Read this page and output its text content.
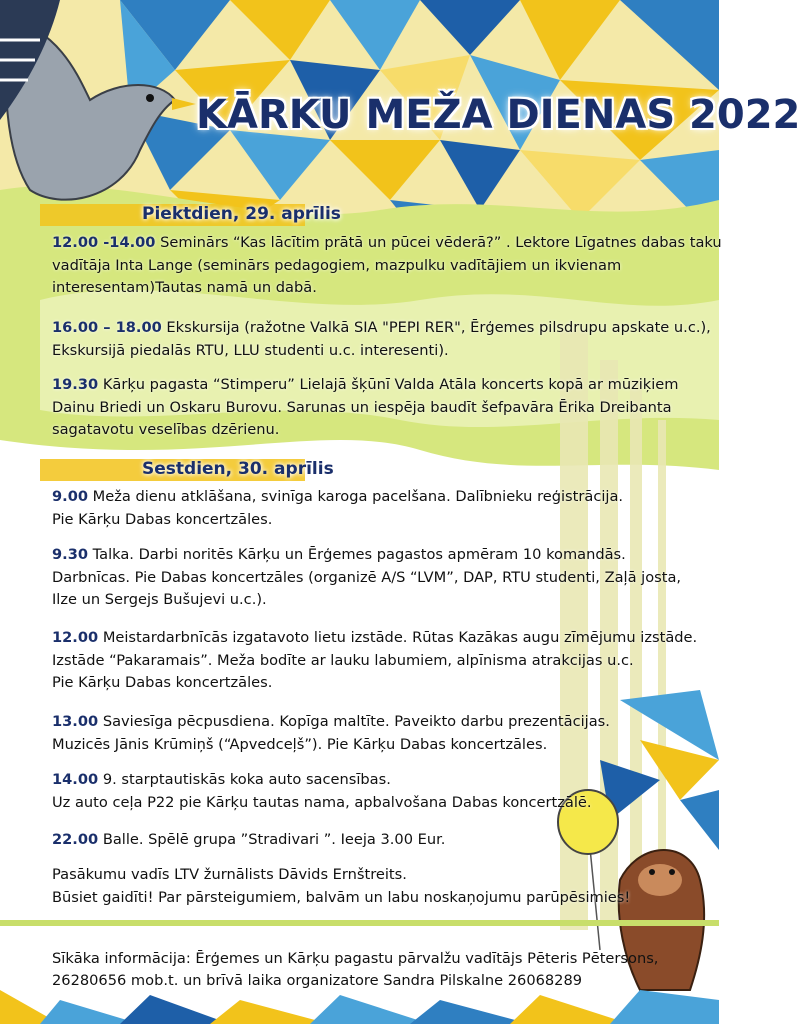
KĀRKU MEŽA DIENAS 2022
Piektdien, 29. aprīlis
12.00 -14.00 Seminārs “Kas lācītim prātā un pūcei vēderā?” . Lektore Līgatnes dabas taku
vadītāja Inta Lange (seminārs pedagogiem, mazpulku vadītājiem un ikvienam
interesentam)Tautas namā un dabā.
16.00 – 18.00 Ekskursija (ražotne Valkā SIA "PEPI RER", Ērģemes pilsdrupu apskate u.c.),
Ekskursijā piedalās RTU, LLU studenti u.c. interesenti).
19.30 Kārķu pagasta “Stimperu” Lielajā šķūnī Valda Atāla koncerts kopā ar mūziķiem
Dainu Briedi un Oskaru Burovu. Sarunas un iespēja baudīt šefpavāra Ērika Dreibanta
sagatavotu veselības dzērienu.
Sestdien, 30. aprīlis
9.00 Meža dienu atklāšana, svinīga karoga pacelšana. Dalībnieku reģistrācija.
Pie Kārķu Dabas koncertzāles.
9.30 Talka. Darbi noritēs Kārķu un Ērģemes pagastos apmēram 10 komandās.
Darbnīcas. Pie Dabas koncertzāles (organizē A/S “LVM”, DAP, RTU studenti, Zaļā josta,
Ilze un Sergejs Bušujevi u.c.).
12.00 Meistardarbnīcās izgatavoto lietu izstāde. Rūtas Kazākas augu zīmējumu izstāde.
Izstāde “Pakaramais”. Meža bodīte ar lauku labumiem, alpīnisma atrakcijas u.c.
Pie Kārķu Dabas koncertzāles.
13.00 Saviesīga pēcpusdiena. Kopīga maltīte. Paveikto darbu prezentācijas.
Muzicēs Jānis Krūmiņš (“Apvedceļš”). Pie Kārķu Dabas koncertzāles.
14.00 9. starptautiskās koka auto sacensības.
Uz auto ceļa P22 pie Kārķu tautas nama, apbalvošana Dabas koncertzālē.
22.00 Balle. Spēlē grupa ”Stradivari ”. Ieeja 3.00 Eur.
Pasākumu vadīs LTV žurnālists Dāvids Ernštreits.
Būsiet gaidīti! Par pārsteigumiem, balvām un labu noskaņojumu parūpēsimies!
Sīkāka informācija: Ērģemes un Kārķu pagastu pārvalžu vadītājs Pēteris Pētersons,
26280656 mob.t. un brīvā laika organizatore Sandra Pilskalne 26068289
